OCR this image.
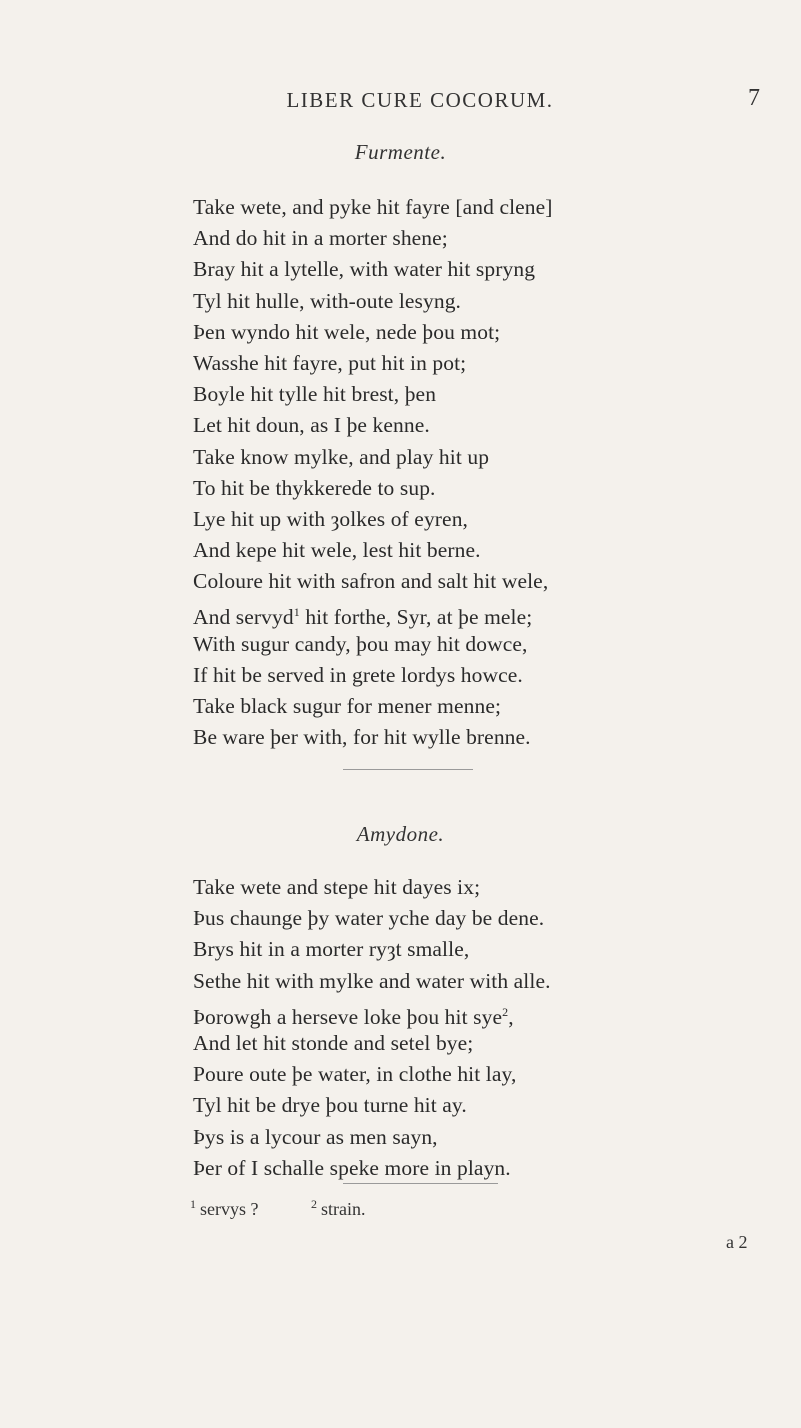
LIBER CURE COCORUM.	7
Furmente.
Take wete, and pyke hit fayre [and clene]
And do hit in a morter shene;
Bray hit a lytelle, with water hit spryng
Tyl hit hulle, with-oute lesyng.
Þen wyndo hit wele, nede þou mot;
Wasshe hit fayre, put hit in pot;
Boyle hit tylle hit brest, þen
Let hit doun, as I þe kenne.
Take know mylke, and play hit up
To hit be thykkerede to sup.
Lye hit up with ȝolkes of eyren,
And kepe hit wele, lest hit berne.
Coloure hit with safron and salt hit wele,
And servyd$^1$ hit forthe, Syr, at þe mele;
With sugur candy, þou may hit dowce,
If hit be served in grete lordys howce.
Take black sugur for mener menne;
Be ware þer with, for hit wylle brenne.
Amydone.
Take wete and stepe hit dayes ix;
Þus chaunge þy water yche day be dene.
Brys hit in a morter ryȝt smalle,
Sethe hit with mylke and water with alle.
Þorowgh a herseve loke þou hit sye$^2$,
And let hit stonde and setel bye;
Poure oute þe water, in clothe hit lay,
Tyl hit be drye þou turne hit ay.
Þys is a lycour as men sayn,
Þer of I schalle speke more in playn.
$^1$ servys ?	$^2$ strain.
a 2
